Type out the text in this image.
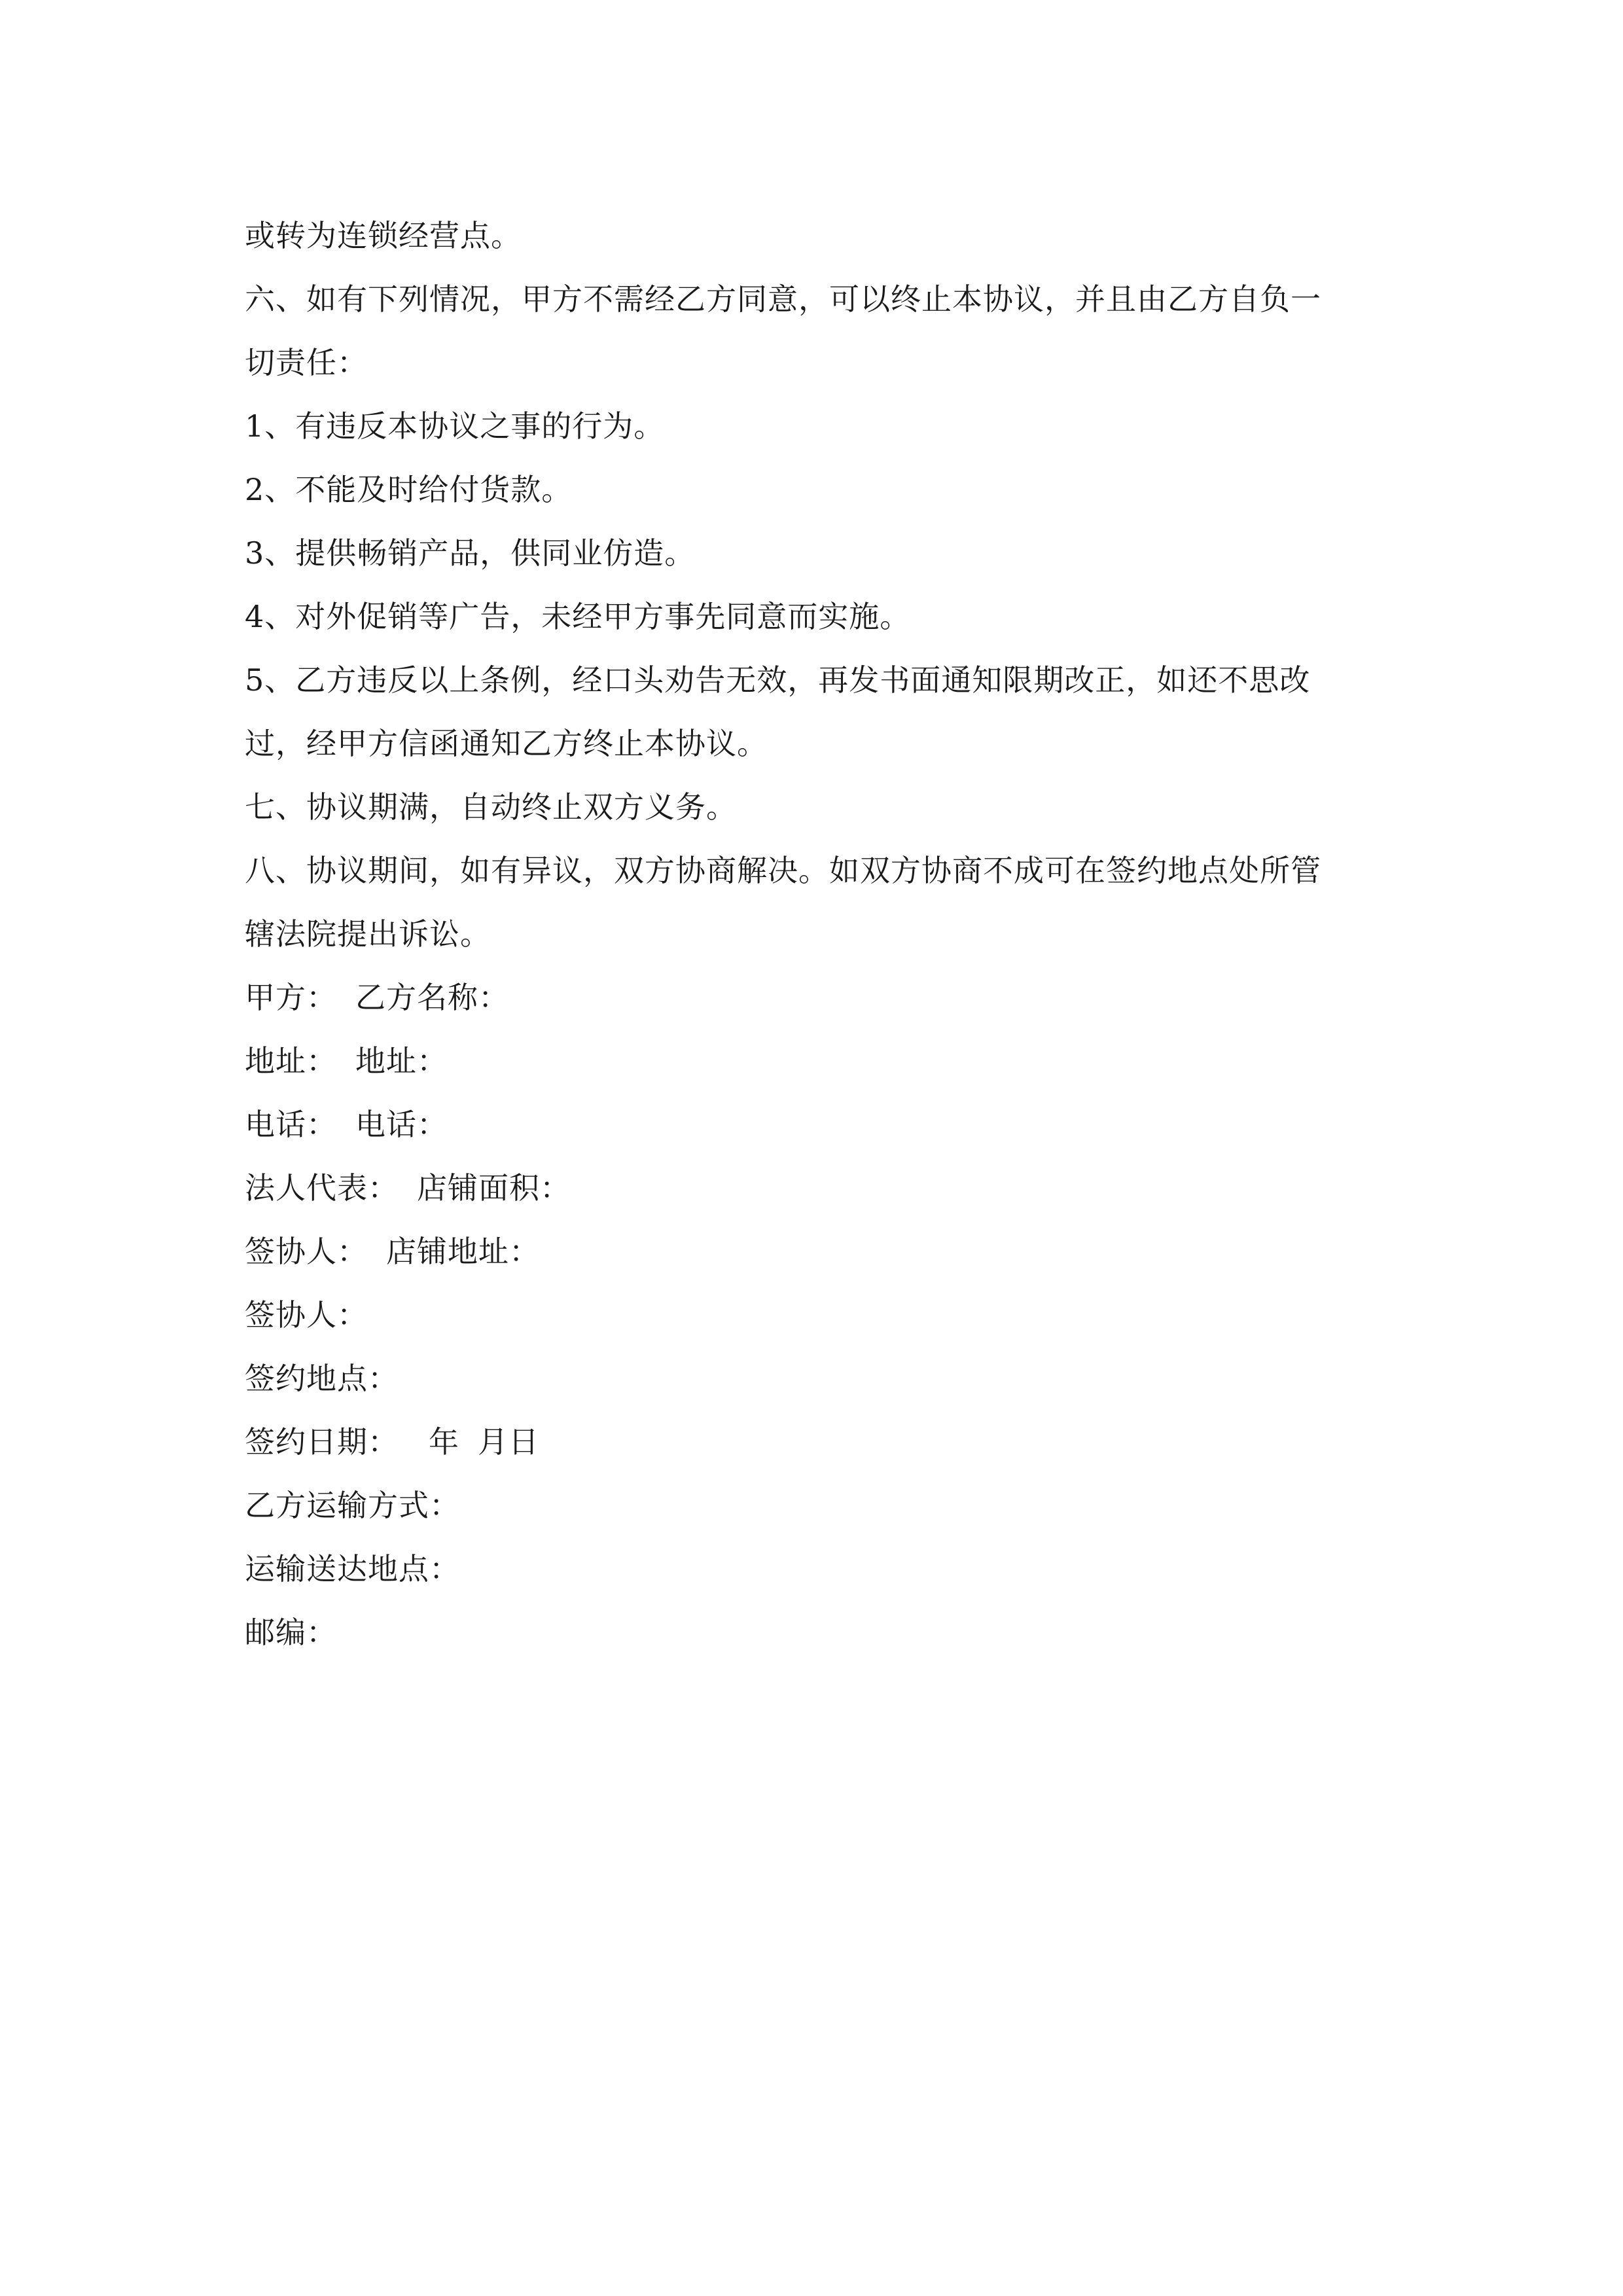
或转为连锁经营点。
六、如有下列情况，甲方不需经乙方同意，可以终止本协议，并且由乙方自负一
切责任：
1、有违反本协议之事的行为。
2、不能及时给付货款。
3、提供畅销产品，供同业仿造。
4、对外促销等广告，未经甲方事先同意而实施。
5、乙方违反以上条例，经口头劝告无效，再发书面通知限期改正，如还不思改
过，经甲方信函通知乙方终止本协议。
七、协议期满，自动终止双方义务。
八、协议期间，如有异议，双方协商解决。如双方协商不成可在签约地点处所管
辖法院提出诉讼。
甲方： 乙方名称：
地址： 地址：
电话： 电话：
法人代表： 店铺面积：
签协人： 店铺地址：
签协人：
签约地点：
签约日期： 年 月日
乙方运输方式：
运输送达地点：
邮编：
